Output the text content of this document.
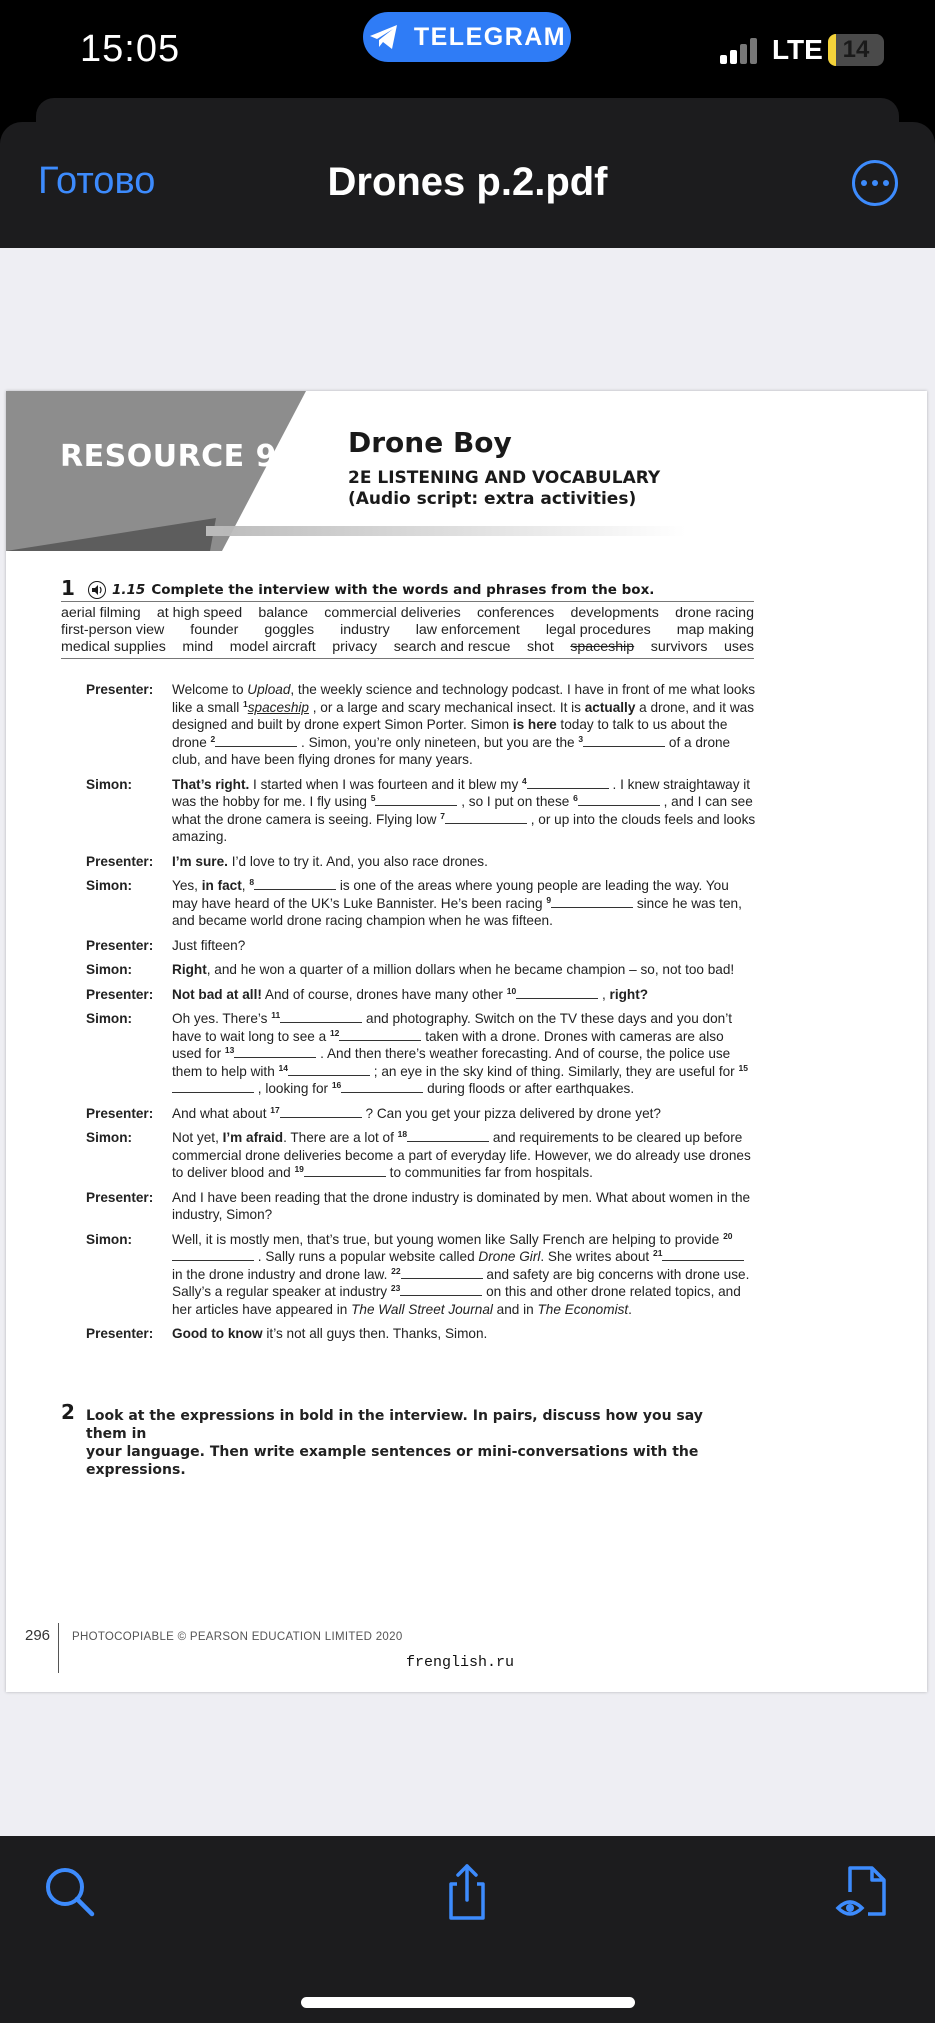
15:05	TELEGRAM	LTE 14
Готово	Drones p.2.pdf
RESOURCE 9	Drone Boy
2E LISTENING AND VOCABULARY
(Audio script: extra activities)
1	1.15 Complete the interview with the words and phrases from the box.
aerial filming at high speed balance commercial deliveries conferences developments drone racing
first-person view founder goggles industry law enforcement legal procedures map making
medical supplies mind model aircraft privacy search and rescue shot spaceship survivors uses
Presenter:	Welcome to Upload, the weekly science and technology podcast. I have in front of me what looks like a small $^1$spaceship , or a large and scary mechanical insect. It is actually a drone, and it was designed and built by drone expert Simon Porter. Simon is here today to talk to us about the drone $^2$	. Simon, you’re only nineteen, but you are the $^3$	of a drone club, and have been flying drones for many years.
Simon:	That’s right. I started when I was fourteen and it blew my $^4$	. I knew straightaway it was the hobby for me. I fly using $^5$	, so I put on these $^6$	, and I can see what the drone camera is seeing. Flying low $^7$	, or up into the clouds feels and looks amazing.
Presenter:	I’m sure. I’d love to try it. And, you also race drones.
Simon:	Yes, in fact, $^8$	is one of the areas where young people are leading the way. You may have heard of the UK’s Luke Bannister. He’s been racing $^9$	since he was ten, and became world drone racing champion when he was fifteen.
Presenter:	Just fifteen?
Simon:	Right, and he won a quarter of a million dollars when he became champion – so, not too bad!
Presenter:	Not bad at all! And of course, drones have many other $^{10}$	, right?
Simon:	Oh yes. There’s $^{11}$	and photography. Switch on the TV these days and you don’t have to wait long to see a $^{12}$	taken with a drone. Drones with cameras are also used for $^{13}$	. And then there’s weather forecasting. And of course, the police use them to help with $^{14}$	; an eye in the sky kind of thing. Similarly, they are useful for $^{15}$ , looking for $^{16}$	during floods or after earthquakes.
Presenter:	And what about $^{17}$	? Can you get your pizza delivered by drone yet?
Simon:	Not yet, I’m afraid. There are a lot of $^{18}$	and requirements to be cleared up before commercial drone deliveries become a part of everyday life. However, we do already use drones to deliver blood and $^{19}$	to communities far from hospitals.
Presenter:	And I have been reading that the drone industry is dominated by men. What about women in the industry, Simon?
Simon:	Well, it is mostly men, that’s true, but young women like Sally French are helping to provide $^{20}$ . Sally runs a popular website called Drone Girl. She writes about $^{21}$ in the drone industry and drone law. $^{22}$	and safety are big concerns with drone use. Sally’s a regular speaker at industry $^{23}$	on this and other drone related topics, and her articles have appeared in The Wall Street Journal and in The Economist.
Presenter:	Good to know it’s not all guys then. Thanks, Simon.
2 Look at the expressions in bold in the interview. In pairs, discuss how you say them in
your language. Then write example sentences or mini-conversations with the expressions.
296 PHOTOCOPIABLE © PEARSON EDUCATION LIMITED 2020
frenglish.ru
